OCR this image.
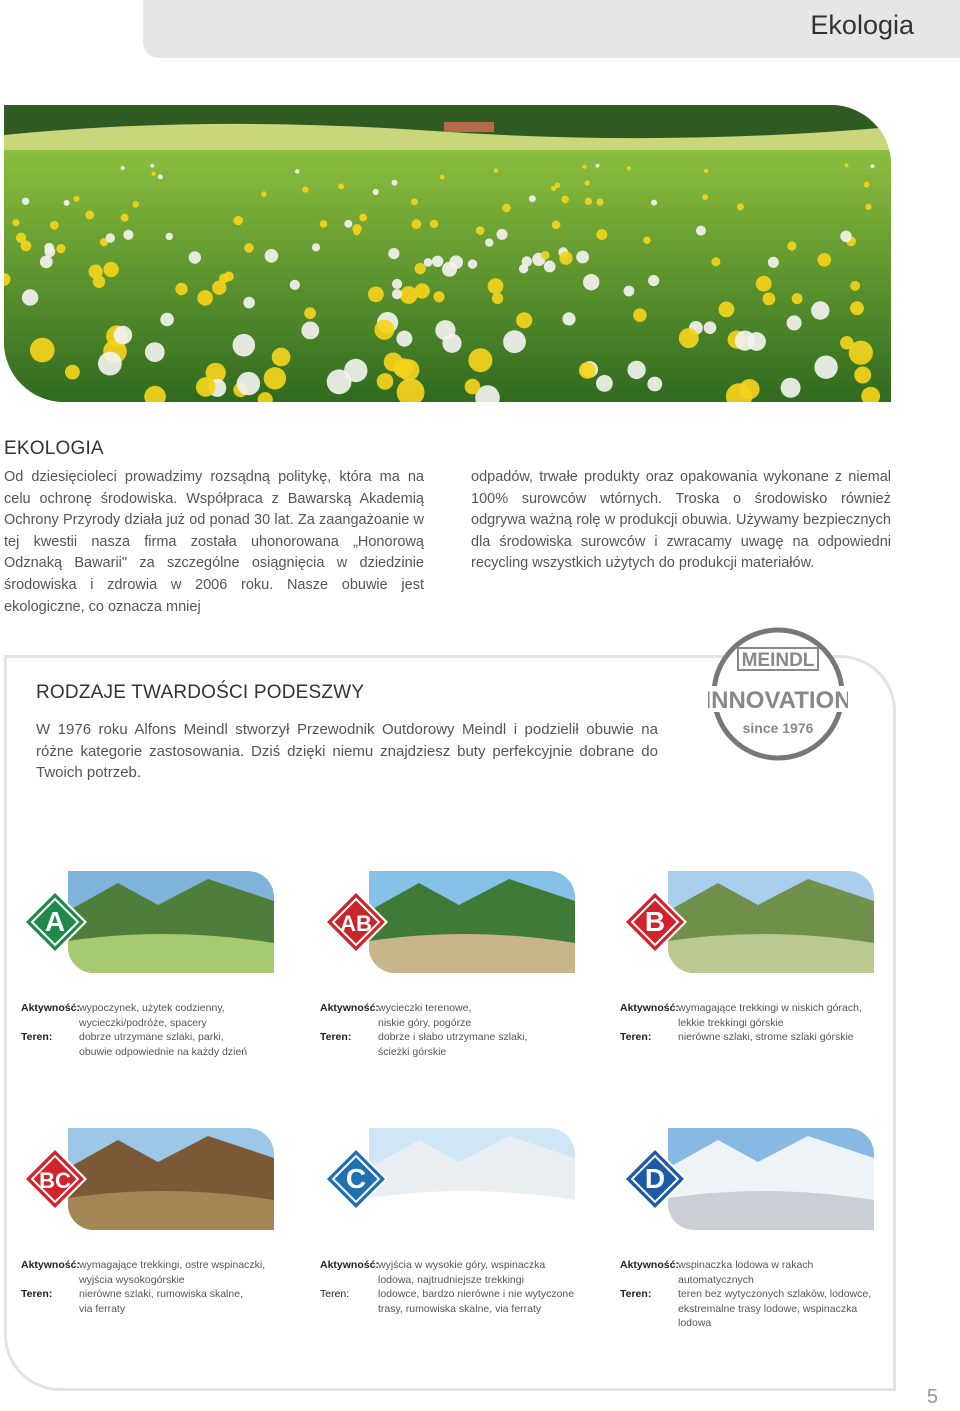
Ekologia
EKOLOGIA

Od dziesięcioleci prowadzimy rozsądną politykę, która ma na celu ochronę środowiska. Współpraca z Bawarską Akademią Ochrony Przyrody działa już od ponad 30 lat. Za zaangażoanie w tej kwestii nasza firma została uhonorowana „Honorową Odznaką Bawarii" za szczególne osiągnięcia w dziedzinie środowiska i zdrowia w 2006 roku. Nasze obuwie jest ekologiczne, co oznacza mniej

odpadów, trwałe produkty oraz opakowania wykonane z niemal 100% surowców wtórnych. Troska o środowisko również odgrywa ważną rolę w produkcji obuwia. Używamy bezpiecznych dla środowiska surowców i zwracamy uwagę na odpowiedni recycling wszystkich użytych do produkcji materiałów.

RODZAJE TWARDOŚCI PODESZWY

W 1976 roku Alfons Meindl stworzył Przewodnik Outdorowy Meindl i podzielił obuwie na różne kategorie zastosowania. Dziś dzięki niemu znajdziesz buty perfekcyjnie dobrane do Twoich potrzeb.

MEINDL
INNOVATION
since 1976
A
Aktywność: wypoczynek, użytek codzienny,
wycieczki/podróże, spacery
Teren:	dobrze utrzymane szlaki, parki,
obuwie odpowiednie na każdy dzień
AB
Aktywność: wycieczki terenowe,
niskie góry, pogórze
Teren:	dobrze i słabo utrzymane szlaki,
ścieżki górskie
B
Aktywność: wymagające trekkingi w niskich górach,
lekkie trekkingi górskie
Teren:	nierówne szlaki, strome szlaki górskie
BC
Aktywność: wymagające trekkingi, ostre wspinaczki,
wyjścia wysokogórskie
Teren:	nierówne szlaki, rumowiska skalne,
via ferraty
C
Aktywność: wyjścia w wysokie góry, wspinaczka
lodowa, najtrudniejsze trekkingi
Teren:	lodowce, bardzo nierówne i nie wytyczone
trasy, rumowiska skalne, via ferraty
D
Aktywność: wspinaczka lodowa w rakach
automatycznych
Teren:	teren bez wytyczonych szlaków, lodowce,
ekstremalne trasy lodowe, wspinaczka lodowa
5
